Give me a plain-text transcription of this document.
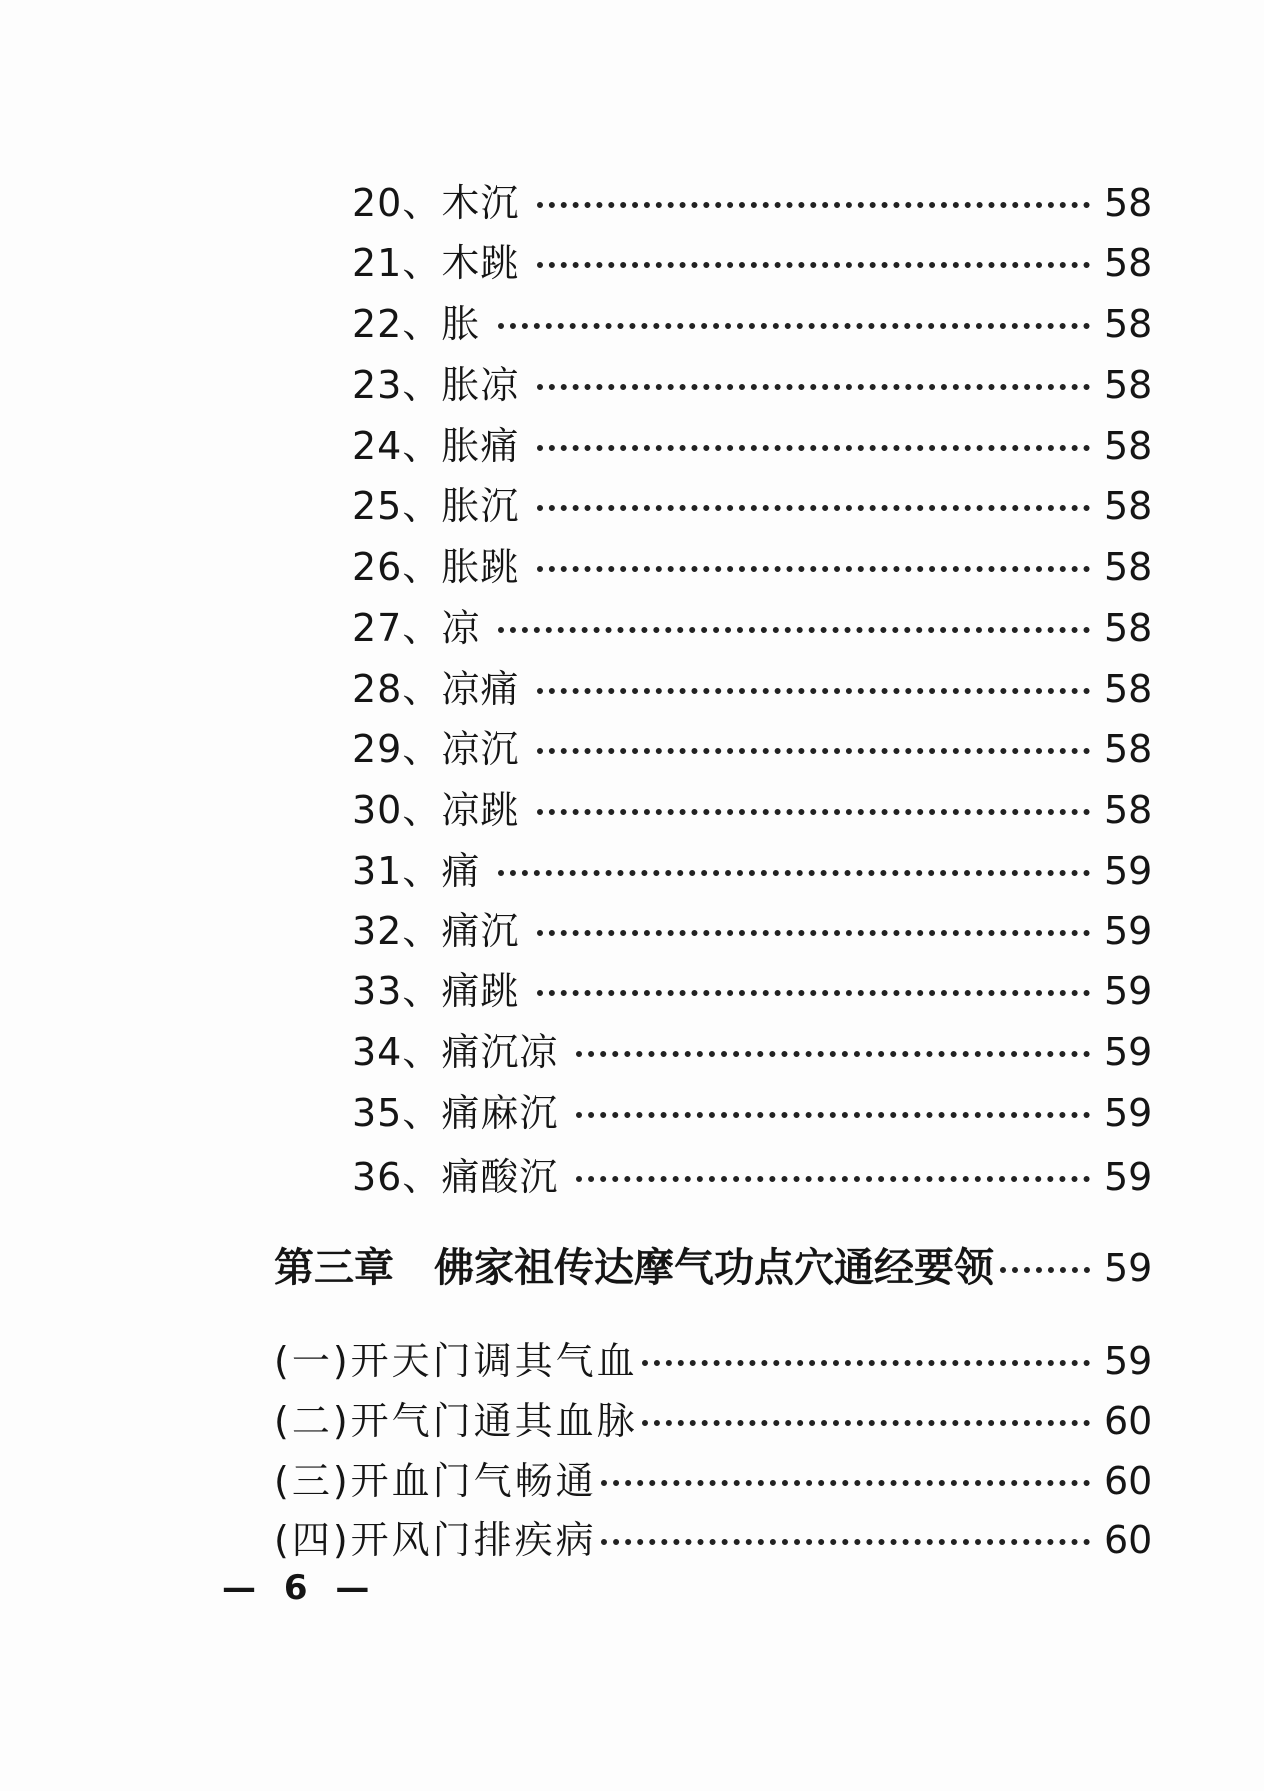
20、木沉	58
21、木跳	58
22、胀	58
23、胀凉	58
24、胀痛	58
25、胀沉	58
26、胀跳	58
27、凉	58
28、凉痛	58
29、凉沉	58
30、凉跳	58
31、痛	59
32、痛沉	59
33、痛跳	59
34、痛沉凉	59
35、痛麻沉	59
36、痛酸沉	59
第三章 佛家祖传达摩气功点穴通经要领	59
(一)开天门调其气血	59
(二)开气门通其血脉	60
(三)开血门气畅通	60
(四)开风门排疾病	60
— 6 —
